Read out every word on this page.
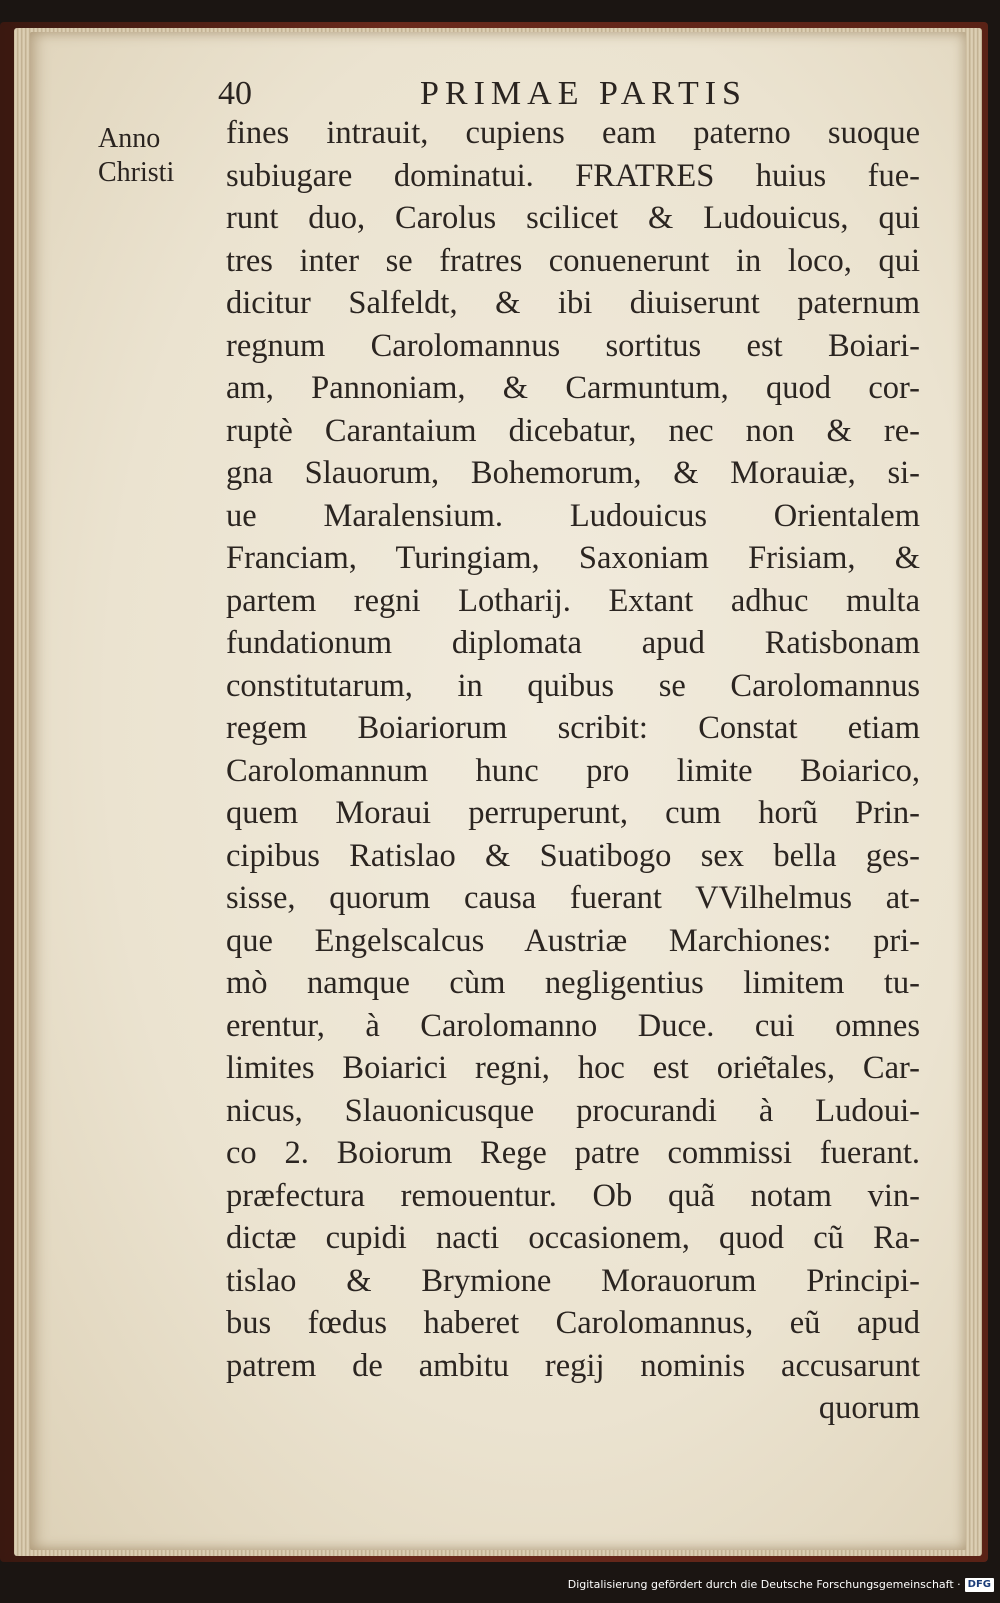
40	PRIMAE PARTIS
Anno
Christi
fines intrauit, cupiens eam paterno suoque
subiugare dominatui. FRATRES huius fue-
runt duo, Carolus scilicet & Ludouicus, qui
tres inter se fratres conuenerunt in loco, qui
dicitur Salfeldt, & ibi diuiserunt paternum
regnum Carolomannus sortitus est Boiari-
am, Pannoniam, & Carmuntum, quod cor-
ruptè Carantaium dicebatur, nec non & re-
gna Slauorum, Bohemorum, & Morauiæ, si-
ue Maralensium. Ludouicus Orientalem
Franciam, Turingiam, Saxoniam Frisiam, &
partem regni Lotharij. Extant adhuc multa
fundationum diplomata apud Ratisbonam
constitutarum, in quibus se Carolomannus
regem Boiariorum scribit: Constat etiam
Carolomannum hunc pro limite Boiarico,
quem Moraui perruperunt, cum horũ Prin-
cipibus Ratislao & Suatibogo sex bella ges-
sisse, quorum causa fuerant VVilhelmus at-
que Engelscalcus Austriæ Marchiones: pri-
mò namque cùm negligentius limitem tu-
erentur, à Carolomanno Duce. cui omnes
limites Boiarici regni, hoc est orie͂tales, Car-
nicus, Slauonicusque procurandi à Ludoui-
co 2. Boiorum Rege patre commissi fuerant.
præfectura remouentur. Ob quã notam vin-
dictæ cupidi nacti occasionem, quod cũ Ra-
tislao & Brymione Morauorum Principi-
bus fœdus haberet Carolomannus, eũ apud
patrem de ambitu regij nominis accusarunt
quorum
Digitalisierung gefördert durch die Deutsche Forschungsgemeinschaft · DFG
